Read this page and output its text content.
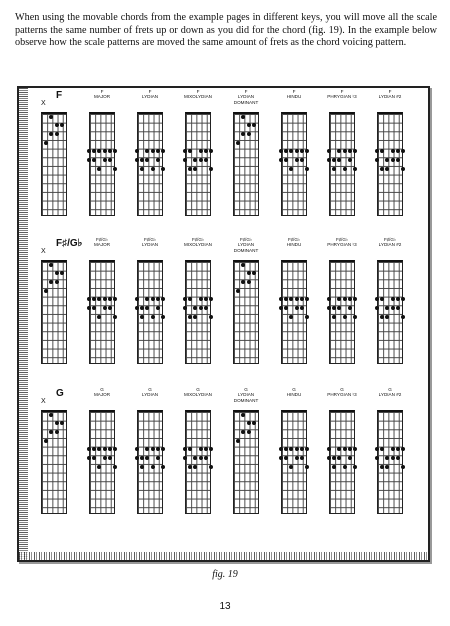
When using the movable chords from the example pages in different keys, you will move all the scale patterns the same number of frets up or down as you did for the chord (fig. 19). In the example below observe how the scale patterns are moved the same amount of frets as the chord voicing pattern.

F
X
F
MAJOR
F
LYDIAN
F
MIXOLYDIAN
F
LYDIAN
DOMINANT
F
HINDU
F
PHRYGIAN ♮3
F
LYDIAN #2
F♯/G♭
X
F♯/G♭
MAJOR
F♯/G♭
LYDIAN
F♯/G♭
MIXOLYDIAN
F♯/G♭
LYDIAN
DOMINANT
F♯/G♭
HINDU
F♯/G♭
PHRYGIAN ♮3
F♯/G♭
LYDIAN #2
G
X
G
MAJOR
G
LYDIAN
G
MIXOLYDIAN
G
LYDIAN
DOMINANT
G
HINDU
G
PHRYGIAN ♮3
G
LYDIAN #2
fig. 19
13
